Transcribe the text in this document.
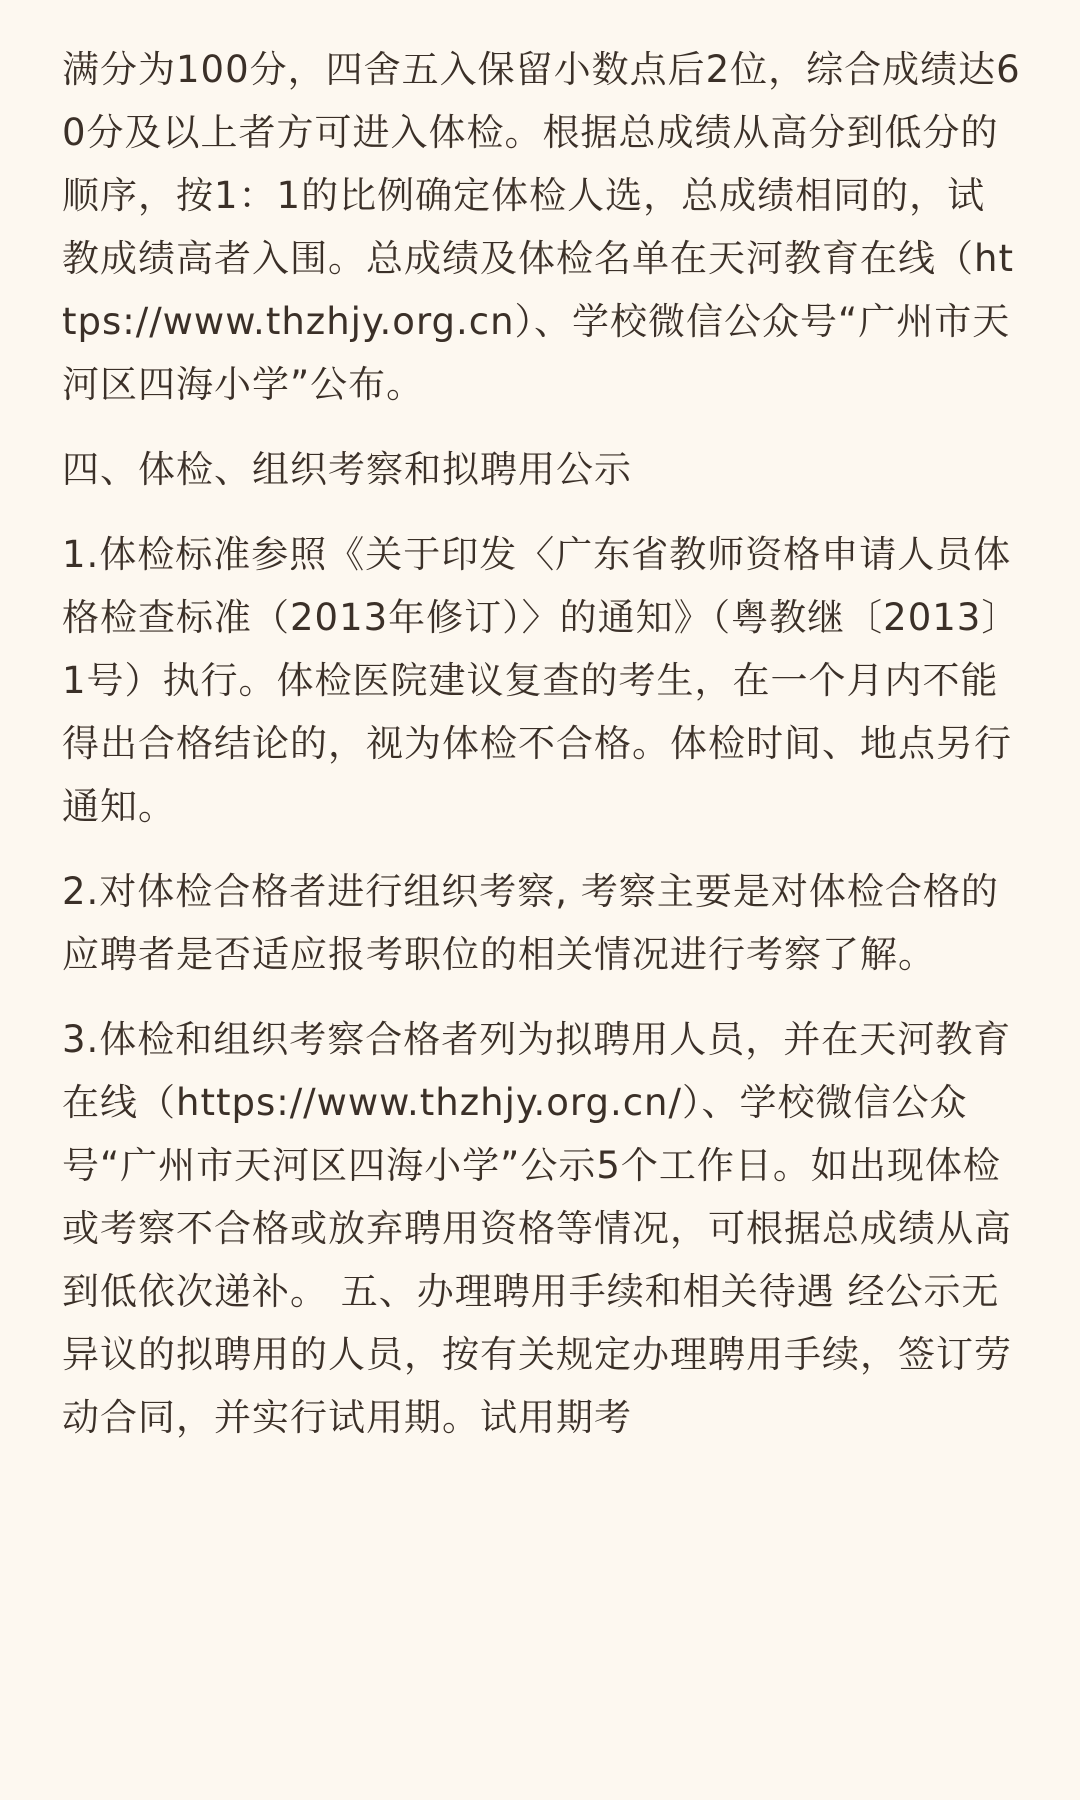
满分为100分，四舍五入保留小数点后2位，综合成绩达60分及以上者方可进入体检。根据总成绩从高分到低分的顺序，按1：1的比例确定体检人选，总成绩相同的，试教成绩高者入围。总成绩及体检名单在天河教育在线（https://www.thzhjy.org.cn）、学校微信公众号“广州市天河区四海小学”公布。

四、体检、组织考察和拟聘用公示

1.体检标准参照《关于印发〈广东省教师资格申请人员体格检查标准（2013年修订）〉的通知》（粤教继〔2013〕1号）执行。体检医院建议复查的考生，在一个月内不能得出合格结论的，视为体检不合格。体检时间、地点另行通知。

2.对体检合格者进行组织考察, 考察主要是对体检合格的应聘者是否适应报考职位的相关情况进行考察了解。

3.体检和组织考察合格者列为拟聘用人员，并在天河教育在线（https://www.thzhjy.org.cn/）、学校微信公众号“广州市天河区四海小学”公示5个工作日。如出现体检或考察不合格或放弃聘用资格等情况，可根据总成绩从高到低依次递补。 五、办理聘用手续和相关待遇 经公示无异议的拟聘用的人员，按有关规定办理聘用手续，签订劳动合同，并实行试用期。试用期考
